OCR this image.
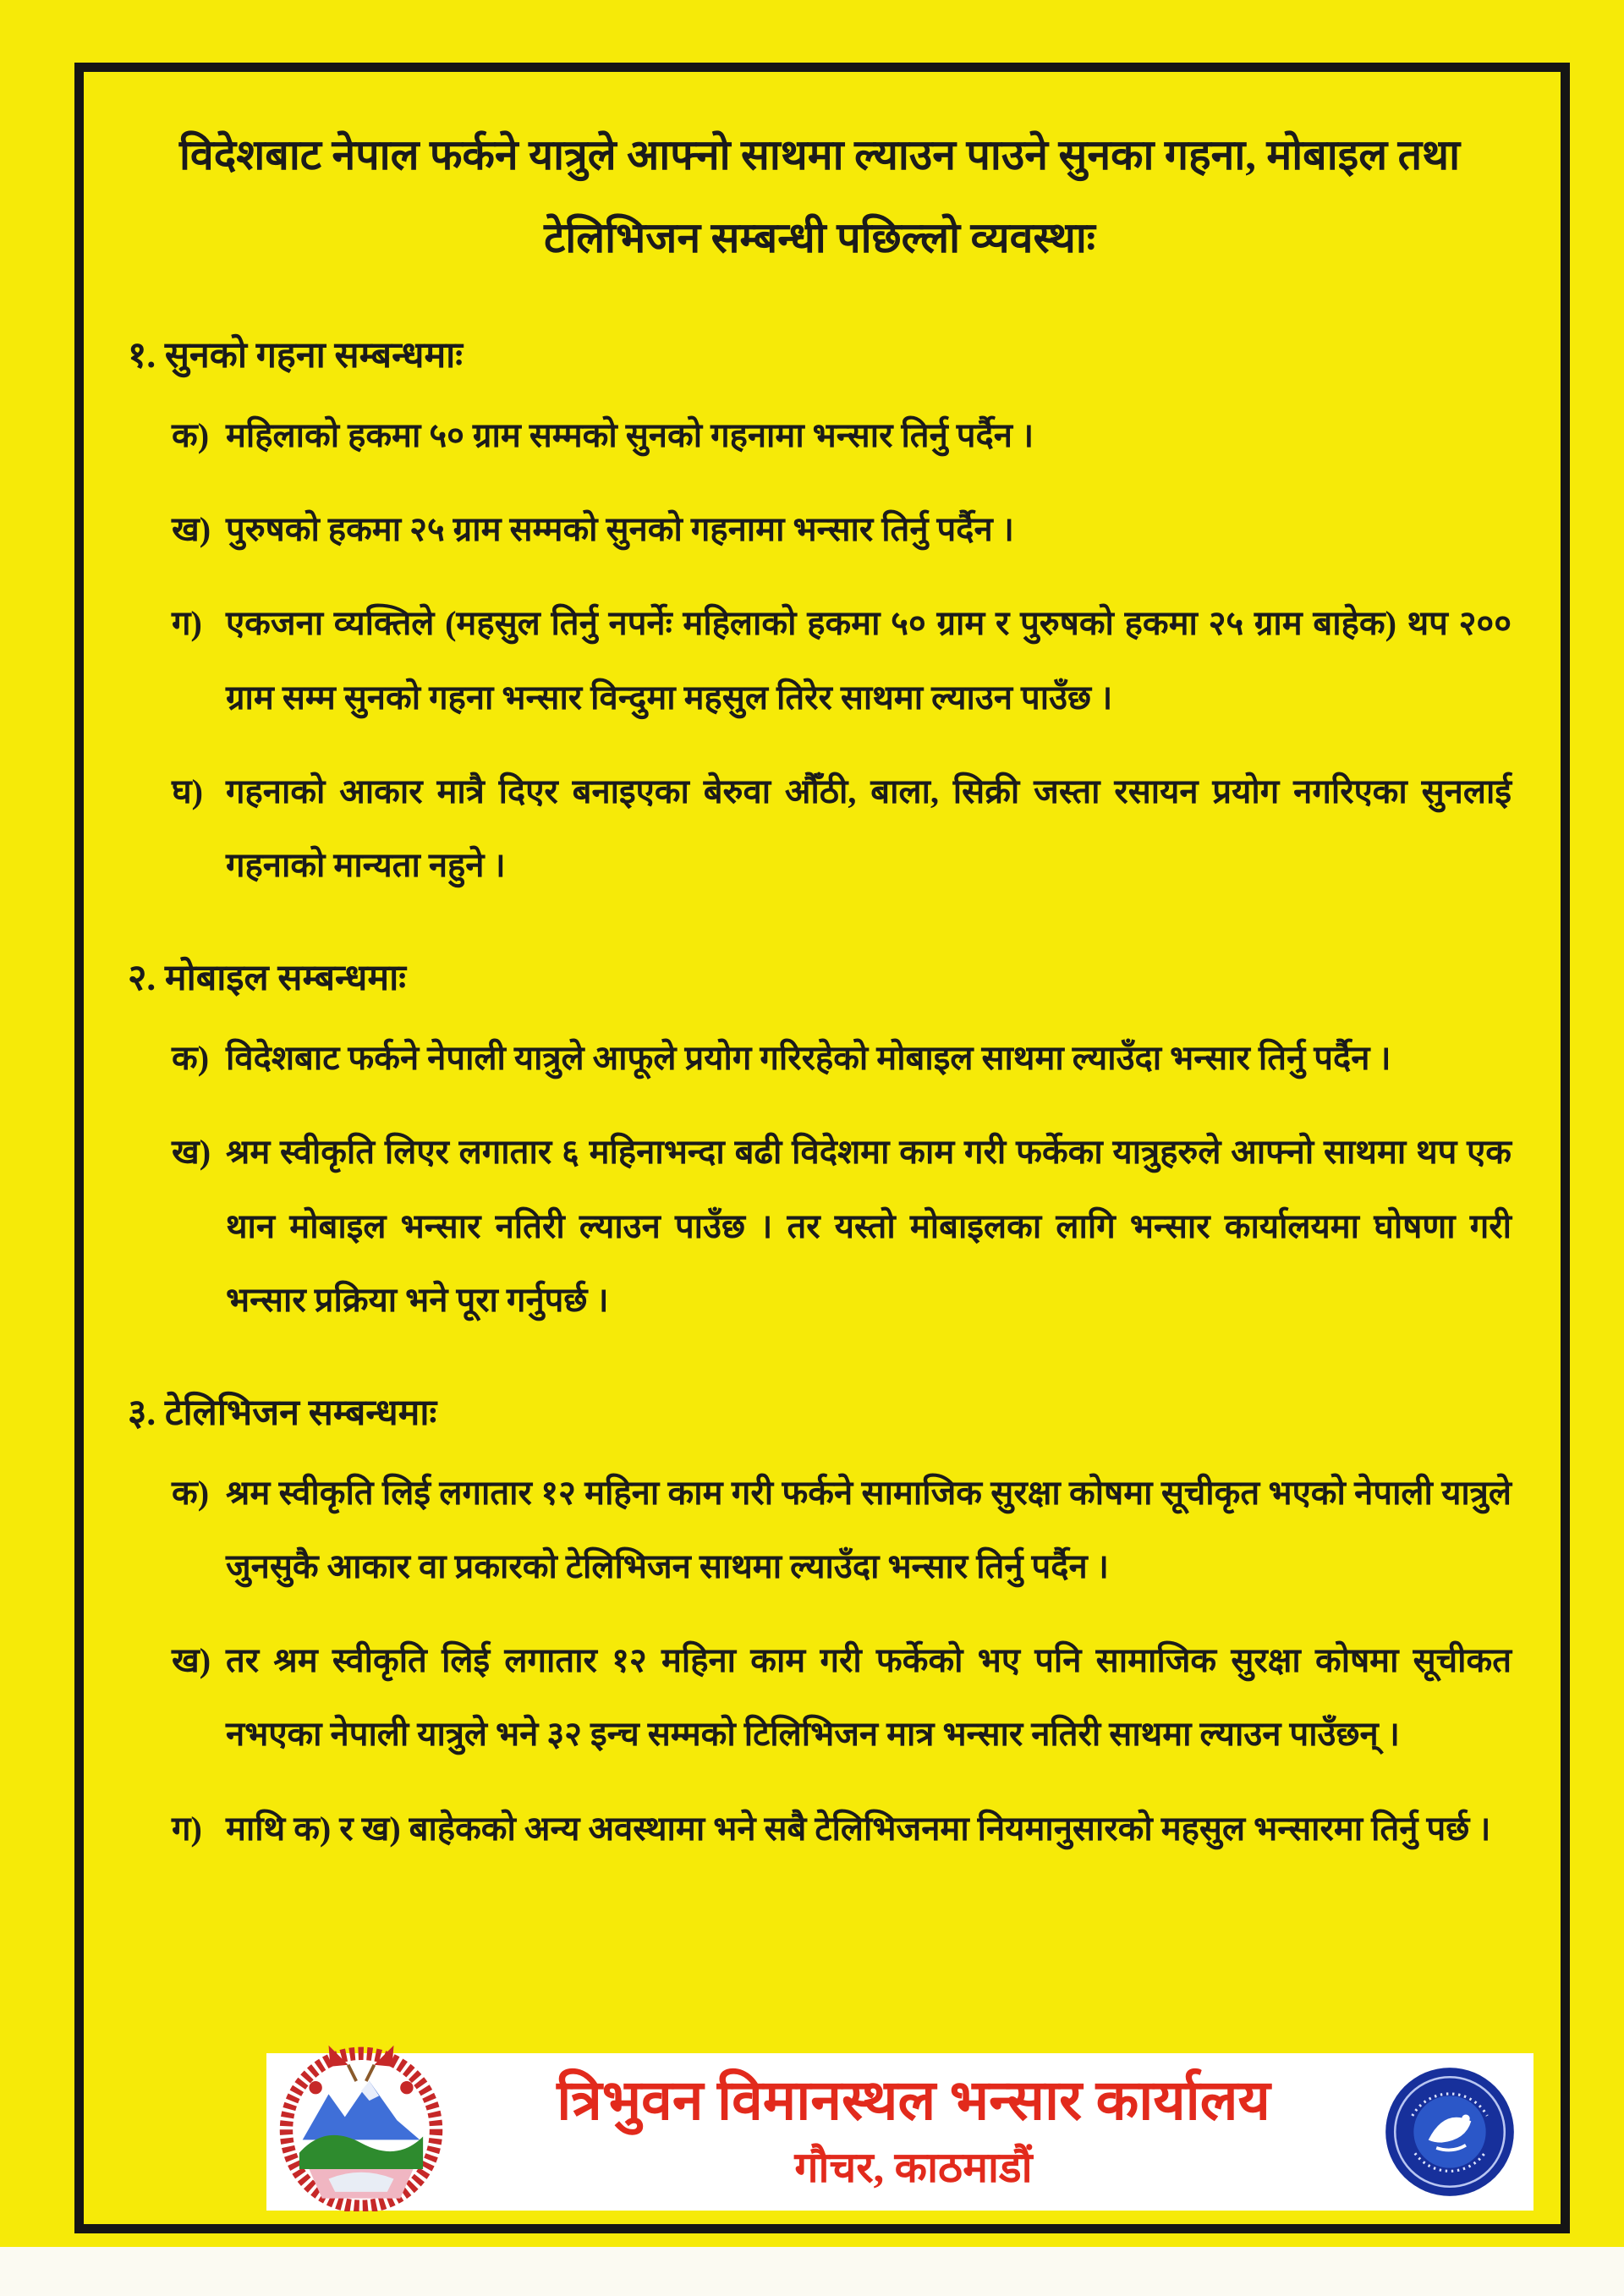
विदेशबाट नेपाल फर्कने यात्रुले आफ्नो साथमा ल्याउन पाउने सुनका गहना, मोबाइल तथा
टेलिभिजन सम्बन्धी पछिल्लो व्यवस्थाः
१. सुनको गहना सम्बन्धमाः
क) महिलाको हकमा ५० ग्राम सम्मको सुनको गहनामा भन्सार तिर्नु पर्दैन ।
ख) पुरुषको हकमा २५ ग्राम सम्मको सुनको गहनामा भन्सार तिर्नु पर्दैन ।
ग) एकजना व्यक्तिले (महसुल तिर्नु नपर्नेः महिलाको हकमा ५० ग्राम र पुरुषको हकमा २५ ग्राम बाहेक) थप २०० ग्राम सम्म सुनको गहना भन्सार विन्दुमा महसुल तिरेर साथमा ल्याउन पाउँछ ।
घ) गहनाको आकार मात्रै दिएर बनाइएका बेरुवा औँठी, बाला, सिक्री जस्ता रसायन प्रयोग नगरिएका सुनलाई गहनाको मान्यता नहुने ।
२. मोबाइल सम्बन्धमाः
क) विदेशबाट फर्कने नेपाली यात्रुले आफूले प्रयोग गरिरहेको मोबाइल साथमा ल्याउँदा भन्सार तिर्नु पर्दैन ।
ख) श्रम स्वीकृति लिएर लगातार ६ महिनाभन्दा बढी विदेशमा काम गरी फर्केका यात्रुहरुले आफ्नो साथमा थप एक थान मोबाइल भन्सार नतिरी ल्याउन पाउँछ । तर यस्तो मोबाइलका लागि भन्सार कार्यालयमा घोषणा गरी भन्सार प्रक्रिया भने पूरा गर्नुपर्छ ।
३. टेलिभिजन सम्बन्धमाः
क) श्रम स्वीकृति लिई लगातार १२ महिना काम गरी फर्कने सामाजिक सुरक्षा कोषमा सूचीकृत भएको नेपाली यात्रुले जुनसुकै आकार वा प्रकारको टेलिभिजन साथमा ल्याउँदा भन्सार तिर्नु पर्दैन ।
ख) तर श्रम स्वीकृति लिई लगातार १२ महिना काम गरी फर्केको भए पनि सामाजिक सुरक्षा कोषमा सूचीकत नभएका नेपाली यात्रुले भने ३२ इन्च सम्मको टिलिभिजन मात्र भन्सार नतिरी साथमा ल्याउन पाउँछन् ।
ग) माथि क) र ख) बाहेकको अन्य अवस्थामा भने सबै टेलिभिजनमा नियमानुसारको महसुल भन्सारमा तिर्नु पर्छ ।
त्रिभुवन विमानस्थल भन्सार कार्यालय
गौचर, काठमाडौं
